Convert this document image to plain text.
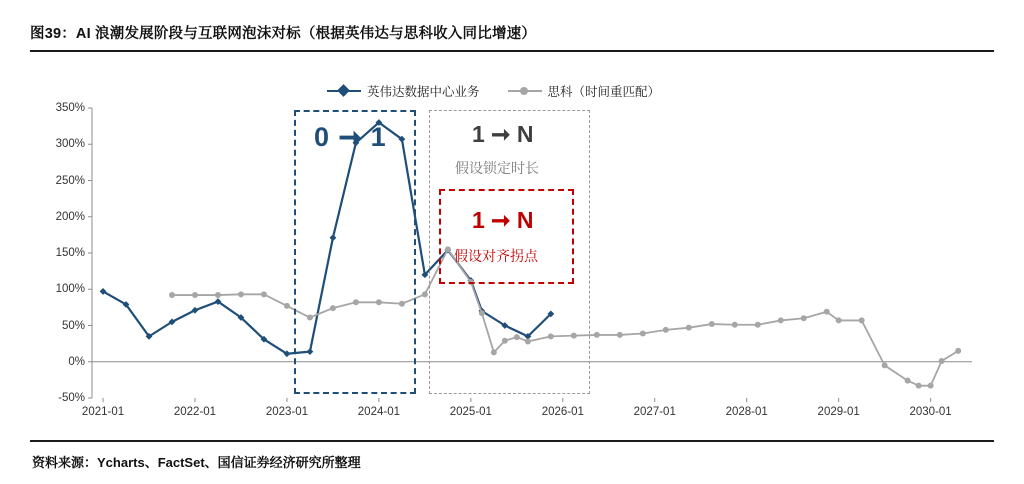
图39：AI 浪潮发展阶段与互联网泡沫对标（根据英伟达与思科收入同比增速）
英伟达数据中心业务	思科（时间重匹配）
0 ➞ 1	1 ➞ N
假设锁定时长
1 ➞ N
假设对齐拐点
-50%
0%
50%
100%
150%
200%
250%
300%
350%
2021-01	2022-01	2023-01	2024-01	2025-01	2026-01	2027-01	2028-01	2029-01	2030-01
资料来源：Ycharts、FactSet、国信证券经济研究所整理
